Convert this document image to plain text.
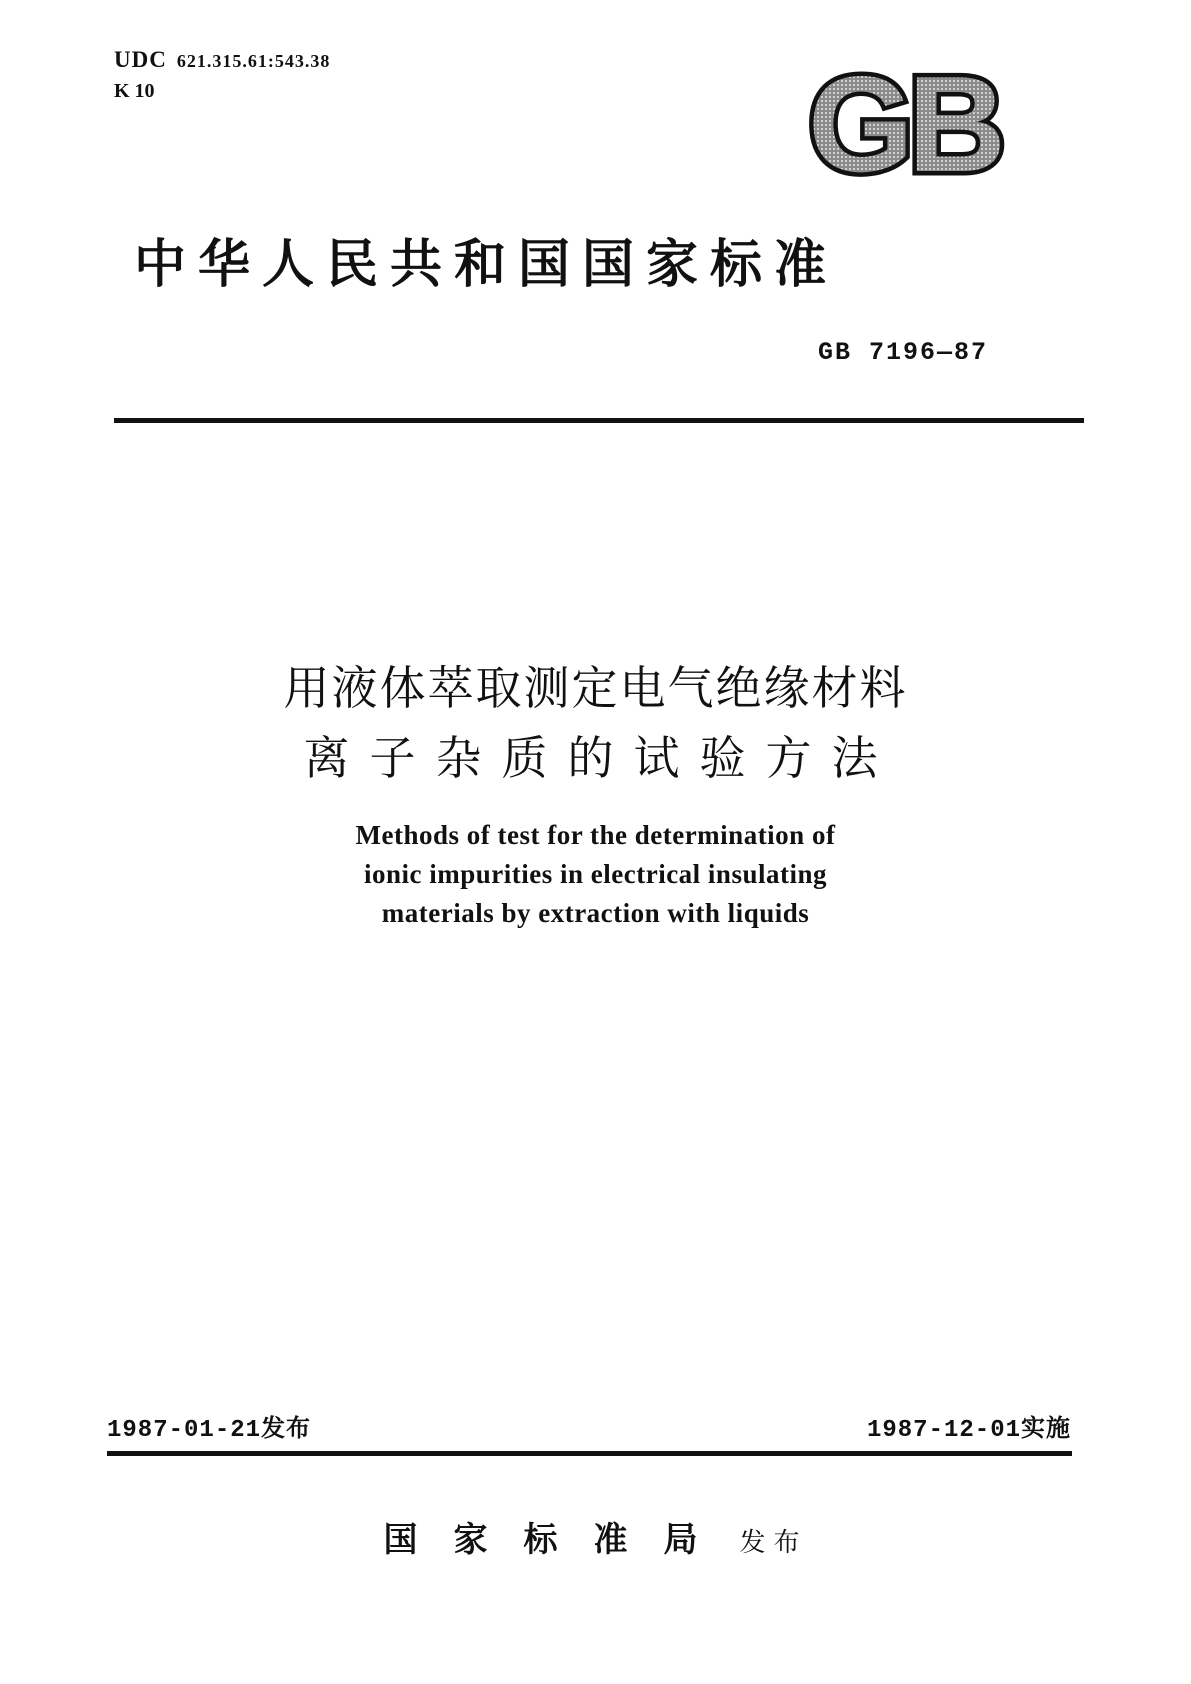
UDC 621.315.61:543.38
K 10	GB
中华人民共和国国家标准
GB 7196—87
用液体萃取测定电气绝缘材料
离子杂质的试验方法
Methods of test for the determination of
ionic impurities in electrical insulating
materials by extraction with liquids
1987-01-21发布	1987-12-01实施
国家标准局 发布
